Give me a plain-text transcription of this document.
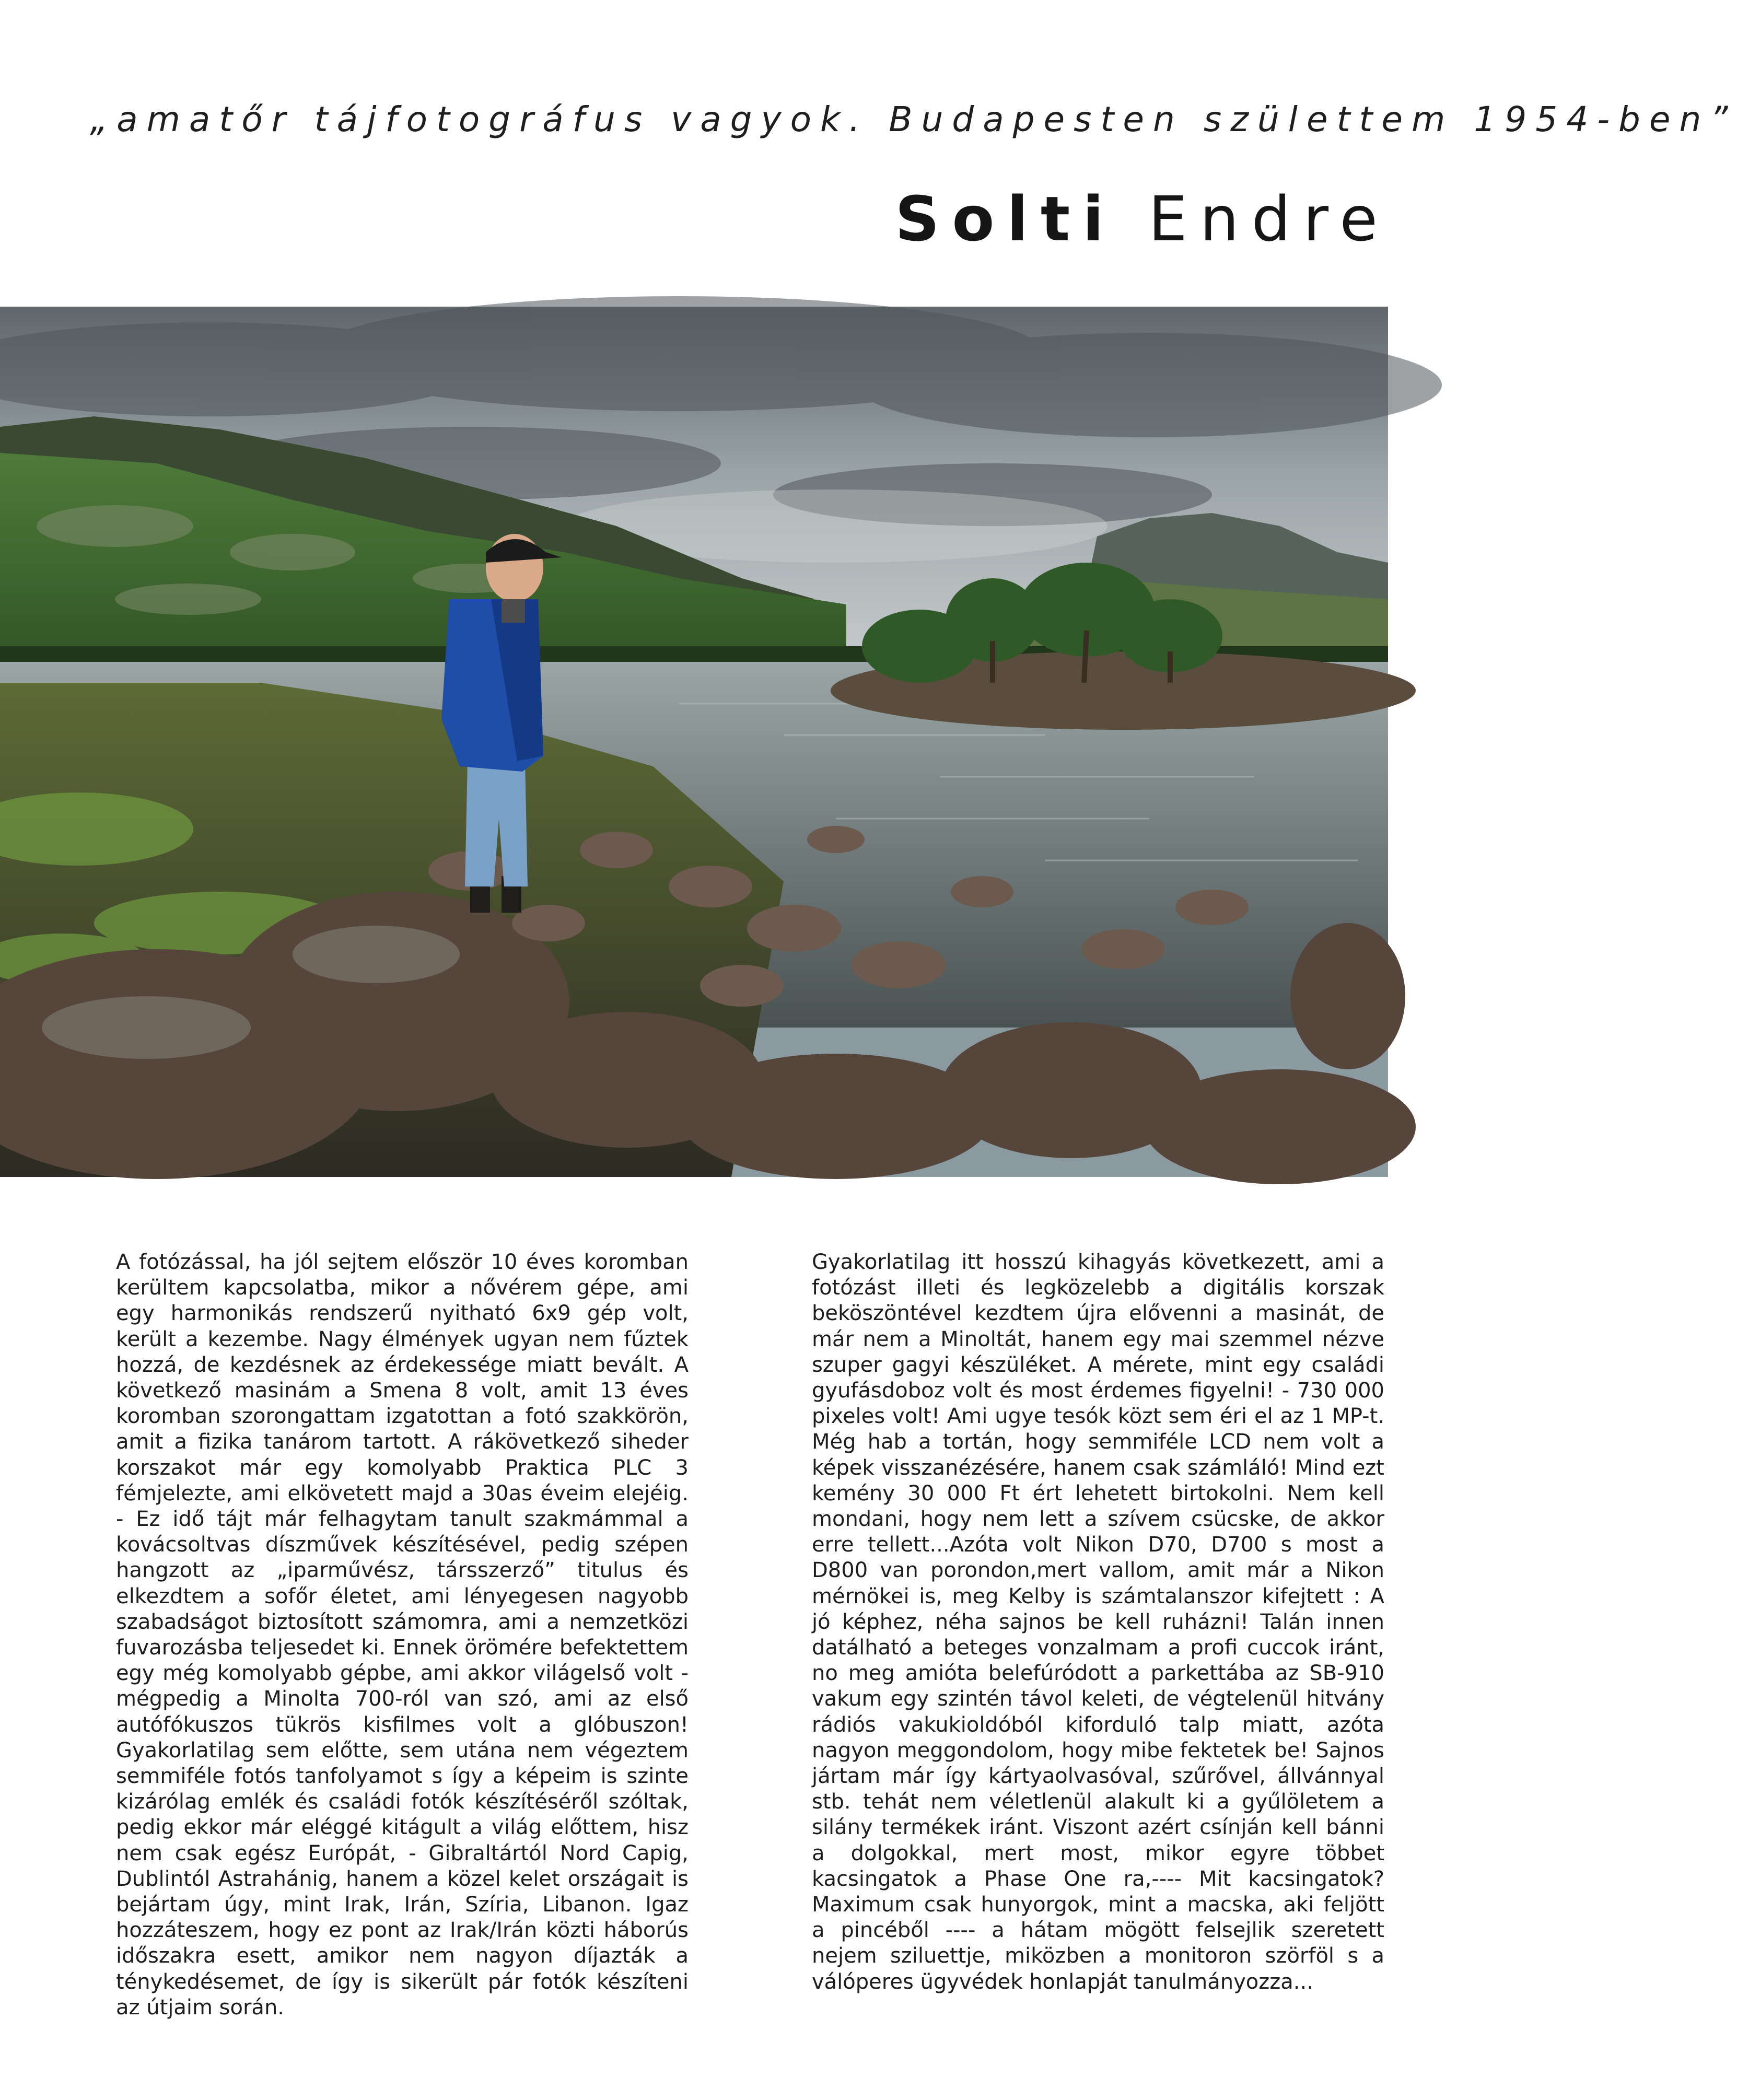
„amatőr tájfotográfus vagyok. Budapesten születtem 1954-ben”
Solti Endre
A fotózással, ha jól sejtem először 10 éves koromban kerültem kapcsolatba, mikor a nővérem gépe, ami egy harmonikás rendszerű nyitható 6x9 gép volt, került a kezembe. Nagy élmények ugyan nem fűztek hozzá, de kezdésnek az érdekessége miatt bevált. A következő masinám a Smena 8 volt, amit 13 éves koromban szorongattam izgatottan a fotó szakkörön, amit a fizika tanárom tartott. A rákövetkező siheder korszakot már egy komolyabb Praktica PLC 3 fémjelezte, ami elkövetett majd a 30as éveim elejéig. - Ez idő tájt már felhagytam tanult szakmámmal a kovácsoltvas díszművek készítésével, pedig szépen hangzott az „iparművész, társszerző” titulus és elkezdtem a sofőr életet, ami lényegesen nagyobb szabadságot biztosított számomra, ami a nemzetközi fuvarozásba teljesedet ki. Ennek örömére befektettem egy még komolyabb gépbe, ami akkor világelső volt - mégpedig a Minolta 700-ról van szó, ami az első autófókuszos tükrös kisfilmes volt a glóbuszon! Gyakorlatilag sem előtte, sem utána nem végeztem semmiféle fotós tanfolyamot s így a képeim is szinte kizárólag emlék és családi fotók készítéséről szóltak, pedig ekkor már eléggé kitágult a világ előttem, hisz nem csak egész Európát, - Gibraltártól Nord Capig, Dublintól Astrahánig, hanem a közel kelet országait is bejártam úgy, mint Irak, Irán, Szíria, Libanon. Igaz hozzáteszem, hogy ez pont az Irak/Irán közti háborús időszakra esett, amikor nem nagyon díjazták a ténykedésemet, de így is sikerült pár fotók készíteni az útjaim során.
Gyakorlatilag itt hosszú kihagyás következett, ami a fotózást illeti és legközelebb a digitális korszak beköszöntével kezdtem újra elővenni a masinát, de már nem a Minoltát, hanem egy mai szemmel nézve szuper gagyi készüléket. A mérete, mint egy családi gyufásdoboz volt és most érdemes figyelni! - 730 000 pixeles volt! Ami ugye tesók közt sem éri el az 1 MP-t. Még hab a tortán, hogy semmiféle LCD nem volt a képek visszanézésére, hanem csak számláló! Mind ezt kemény 30 000 Ft ért lehetett birtokolni. Nem kell mondani, hogy nem lett a szívem csücske, de akkor erre tellett...Azóta volt Nikon D70, D700 s most a D800 van porondon,mert vallom, amit már a Nikon mérnökei is, meg Kelby is számtalanszor kifejtett : A jó képhez, néha sajnos be kell ruházni! Talán innen datálható a beteges vonzalmam a profi cuccok iránt, no meg amióta belefúródott a parkettába az SB-910 vakum egy szintén távol keleti, de végtelenül hitvány rádiós vakukioldóból kiforduló talp miatt, azóta nagyon meggondolom, hogy mibe fektetek be! Sajnos jártam már így kártyaolvasóval, szűrővel, állvánnyal stb. tehát nem véletlenül alakult ki a gyűlöletem a silány termékek iránt. Viszont azért csínján kell bánni a dolgokkal, mert most, mikor egyre többet kacsingatok a Phase One ra,---- Mit kacsingatok? Maximum csak hunyorgok, mint a macska, aki feljött a pincéből ---- a hátam mögött felsejlik szeretett nejem sziluettje, miközben a monitoron szörföl s a válóperes ügyvédek honlapját tanulmányozza...
